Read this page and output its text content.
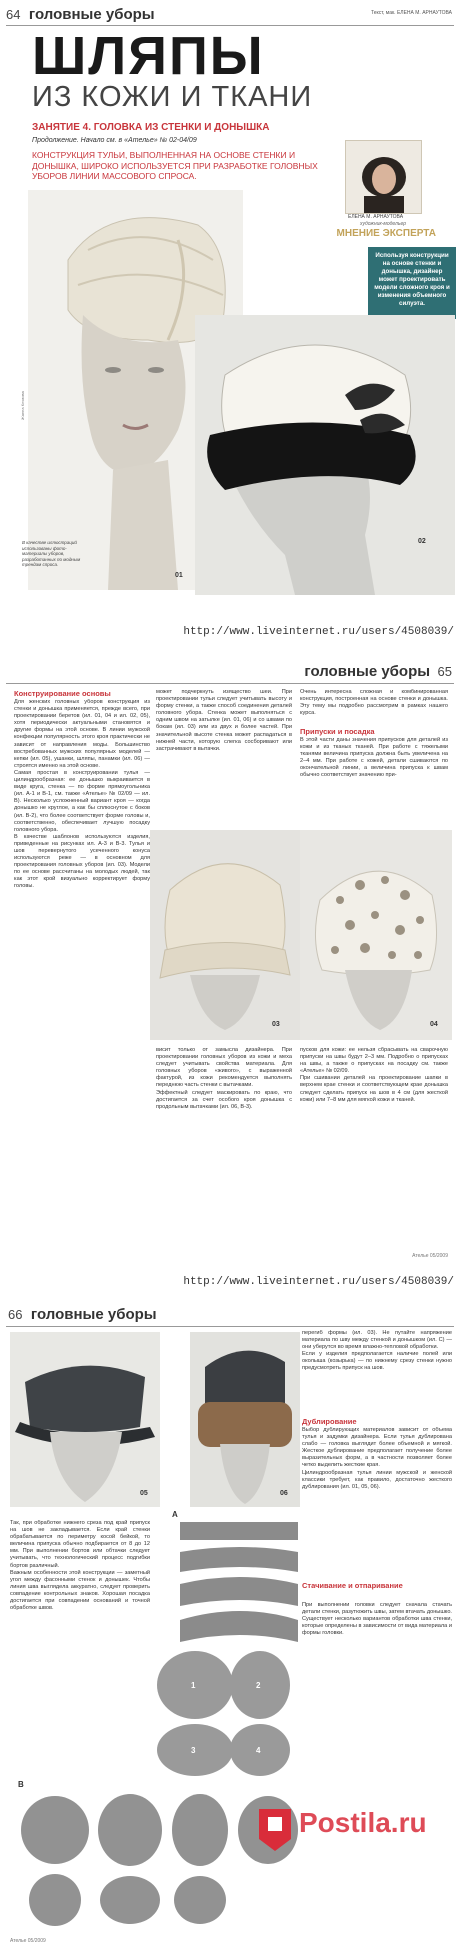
64 головные уборы	Текст, мак. ЕЛЕНА М. АРНАУТОВА
ШЛЯПЫ
ИЗ КОЖИ И ТКАНИ
ЗАНЯТИЕ 4. ГОЛОВКА ИЗ СТЕНКИ И ДОНЫШКА
Продолжение. Начало см. в «Ателье» № 02-04/09
КОНСТРУКЦИЯ ТУЛЬИ, ВЫПОЛНЕННАЯ НА ОСНОВЕ СТЕНКИ И ДОНЫШКА, ШИРОКО ИСПОЛЬЗУЕТСЯ ПРИ РАЗРАБОТКЕ ГОЛОВНЫХ УБОРОВ ЛИНИИ МАССОВОГО СПРОСА.
ЕЛЕНА М. АРНАУТОВА
художник-модельер
МНЕНИЕ ЭКСПЕРТА
Используя конструкции на основе стенки и донышка, дизайнер может проектировать модели сложного кроя и изменения объемного силуэта.
Жанна Клязова
01
В качестве иллюстраций использованы фото-материалы уборов, разработанных по модным трендам спроса.
02
http://www.liveinternet.ru/users/4508039/
головные уборы 65
Конструирование основы
Для женских головных уборов конструкция из стенки и донышка применяется, прежде всего, при проектировании беретов (ил. 01, 04 и ил. 02, 05), хотя периодически актуальными становятся и другие формы на этой основе. В линии мужской конфекции популярность этого кроя практически не зависит от направления моды. Большинство востребованных мужских популярных моделей — кепки (ил. 05), ушанки, шляпы, панамки (ил. 06) — строятся именно на этой основе.
Самая простая в конструировании тулья — цилиндрообразная: ее донышко выкраивается в виде круга, стенка — по форме прямоугольника (ил. А-1 и В-1, см. также «Ателье» № 02/09 — ил. В). Несколько усложненный вариант кроя — когда донышко не круглое, а как бы сплюснутое с боков (ил. В-2), что более соответствует форме головы и, соответственно, обеспечивает лучшую посадку головного убора.
В качестве шаблонов используются изделия, приведенные на рисунках ил. А-3 и В-3. Тулья и шов перевернутого усеченного конуса используются реже — в основном для проектирования головных уборов (ил. 03). Модели по ее основе рассчитаны на молодых людей, так как этот крой визуально корректирует форму головы.
может подчеркнуть изящество шеи. При проектировании тульи следует учитывать высоту и форму стенки, а также способ соединения деталей головного убора. Стенка может выполняться с одним швом на затылке (ил. 01, 06) и со швами по бокам (ил. 03) или из двух и более частей. При значительной высоте стенка может распадаться в нижней части, которую слегка сосборивают или застрачивают в вытачки.
Очень интересна сложная и комбинированная конструкция, построенная на основе стенки и донышка. Эту тему мы подробно рассмотрим в рамках нашего курса.
Припуски и посадка
В этой части даны значения припусков для деталей из кожи и из тканых тканей. При работе с тяжелыми тканями величина припуска должна быть увеличена на 2–4 мм. При работе с кожей, детали сшиваются по окончательной линии, а величина припуска к швам обычно соответствует значению при-
03	04
висит только от замысла дизайнера. При проектировании головных уборов из кожи и меха следует учитывать свойства материала. Для головных уборов «живого», с выраженной фактурой, из кожи рекомендуется выполнять переднюю часть стенки с вытачками.
Эффектный следует маскировать по краю, что достигается за счет особого кроя донышка с продольным вытачками (ил. 06, В-3).
пусков для кожи: ее нельзя сбрасывать на сварочную припуски на швы будут 2–3 мм. Подробно о припусках на швы, а также о припусках на посадку см. также «Ателье» № 02/09.
При сшивании деталей на проектирование шапки в верхнем крае стенки и соответствующем крае донышка следует сделать припуск на шов в 4 см (для жесткой кожи) или 7–8 мм для мягкой кожи и тканей.
Ателье 05/2009
http://www.liveinternet.ru/users/4508039/
66 головные уборы
05	06
перегиб формы (ил. 03). Не путайте напряжение материала по шву между стенкой и донышком (ил. С) — они уберутся во время влажно-тепловой обработки.
Если у изделия предполагается наличие полей или околыша (козырька) — по нижнему срезу стенки нужно предусмотреть припуск на шов.
Дублирование
Выбор дублирующих материалов зависит от объема тулья и задумки дизайнера. Если тулья дублирована слабо — головка выглядит более объемной и мягкой. Жесткое дублирование предполагает получение более выразительных форм, а в частности позволяет более четко выделить жесткие края.
Цилиндрообразная тулья линии мужской и женской классики требует, как правило, достаточно жесткого дублирования (ил. 01, 05, 06).
Стачивание и отпаривание
При выполнении головки следует сначала стачать детали стенки, разутюжить швы, затем втачать донышко. Существует несколько вариантов обработки шва стенки, которые определены в зависимости от вида материала и формы головки.
Так, при обработке нижнего среза под край припуск на шов не закладывается. Если край стенки обрабатывается по периметру косой бейкой, то величина припуска обычно подбирается от 8 до 12 мм. При выполнении бортов или обтачки следует учитывать, что технологический процесс подгибки бортов различный.
Важным особенности этой конструкции — заметный угол между фасонными стенок и донышек. Чтобы линия шва выглядела аккуратно, следует проверить совпадение контрольных знаков. Хорошая посадка достигается при совпадении оснований и точной обработке швов.
А
1	2
3	4
В
Ателье 05/2009
Postila.ru
